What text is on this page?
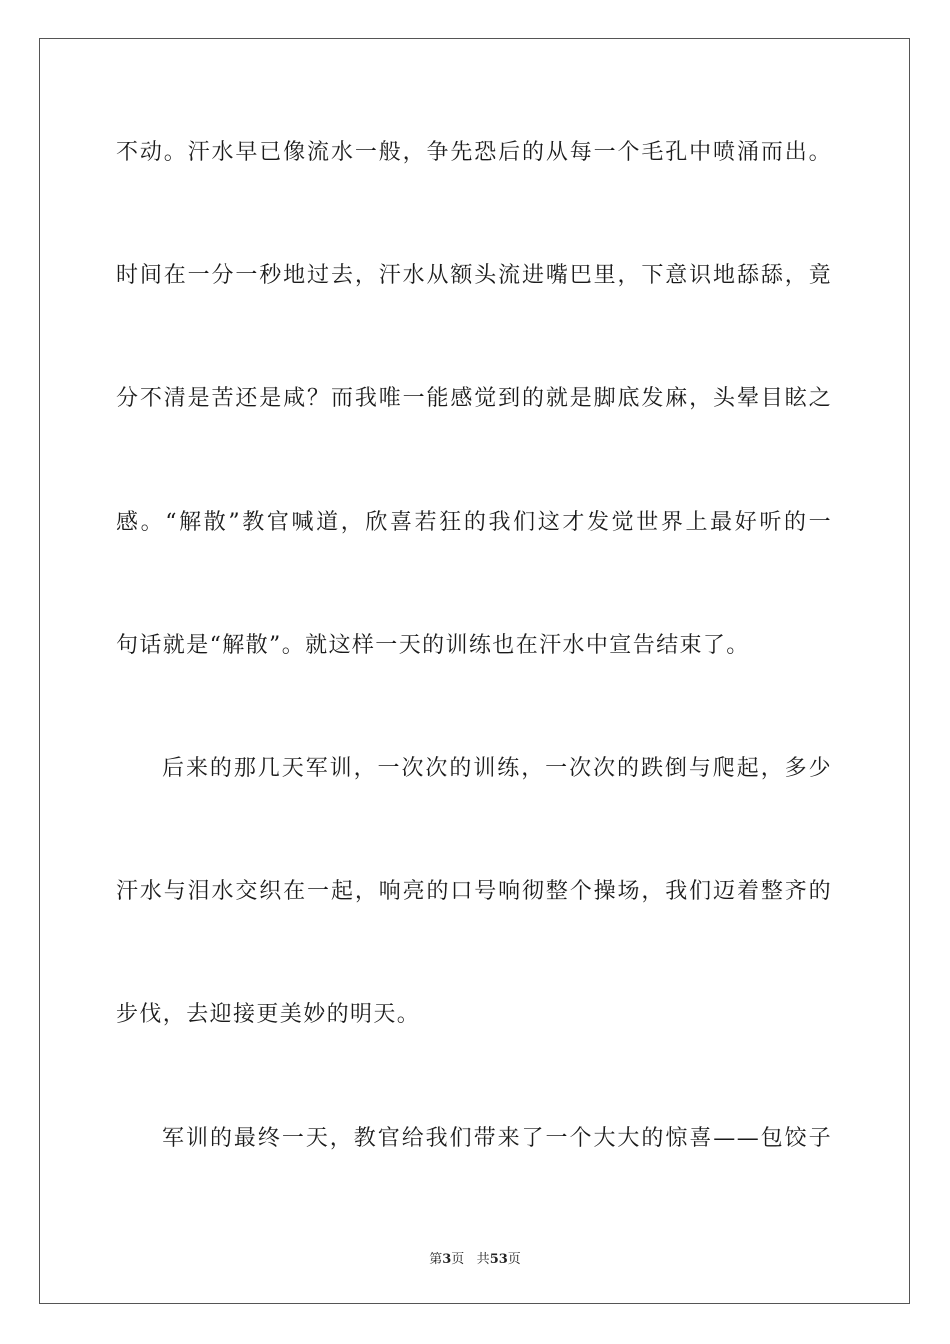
不动。汗水早已像流水一般，争先恐后的从每一个毛孔中喷涌而出。
时间在一分一秒地过去，汗水从额头流进嘴巴里，下意识地舔舔，竟
分不清是苦还是咸？而我唯一能感觉到的就是脚底发麻，头晕目眩之
感。“解散”教官喊道，欣喜若狂的我们这才发觉世界上最好听的一
句话就是“解散”。就这样一天的训练也在汗水中宣告结束了。
后来的那几天军训，一次次的训练，一次次的跌倒与爬起，多少
汗水与泪水交织在一起，响亮的口号响彻整个操场，我们迈着整齐的
步伐，去迎接更美妙的明天。
军训的最终一天，教官给我们带来了一个大大的惊喜——包饺子
第3页 共53页
